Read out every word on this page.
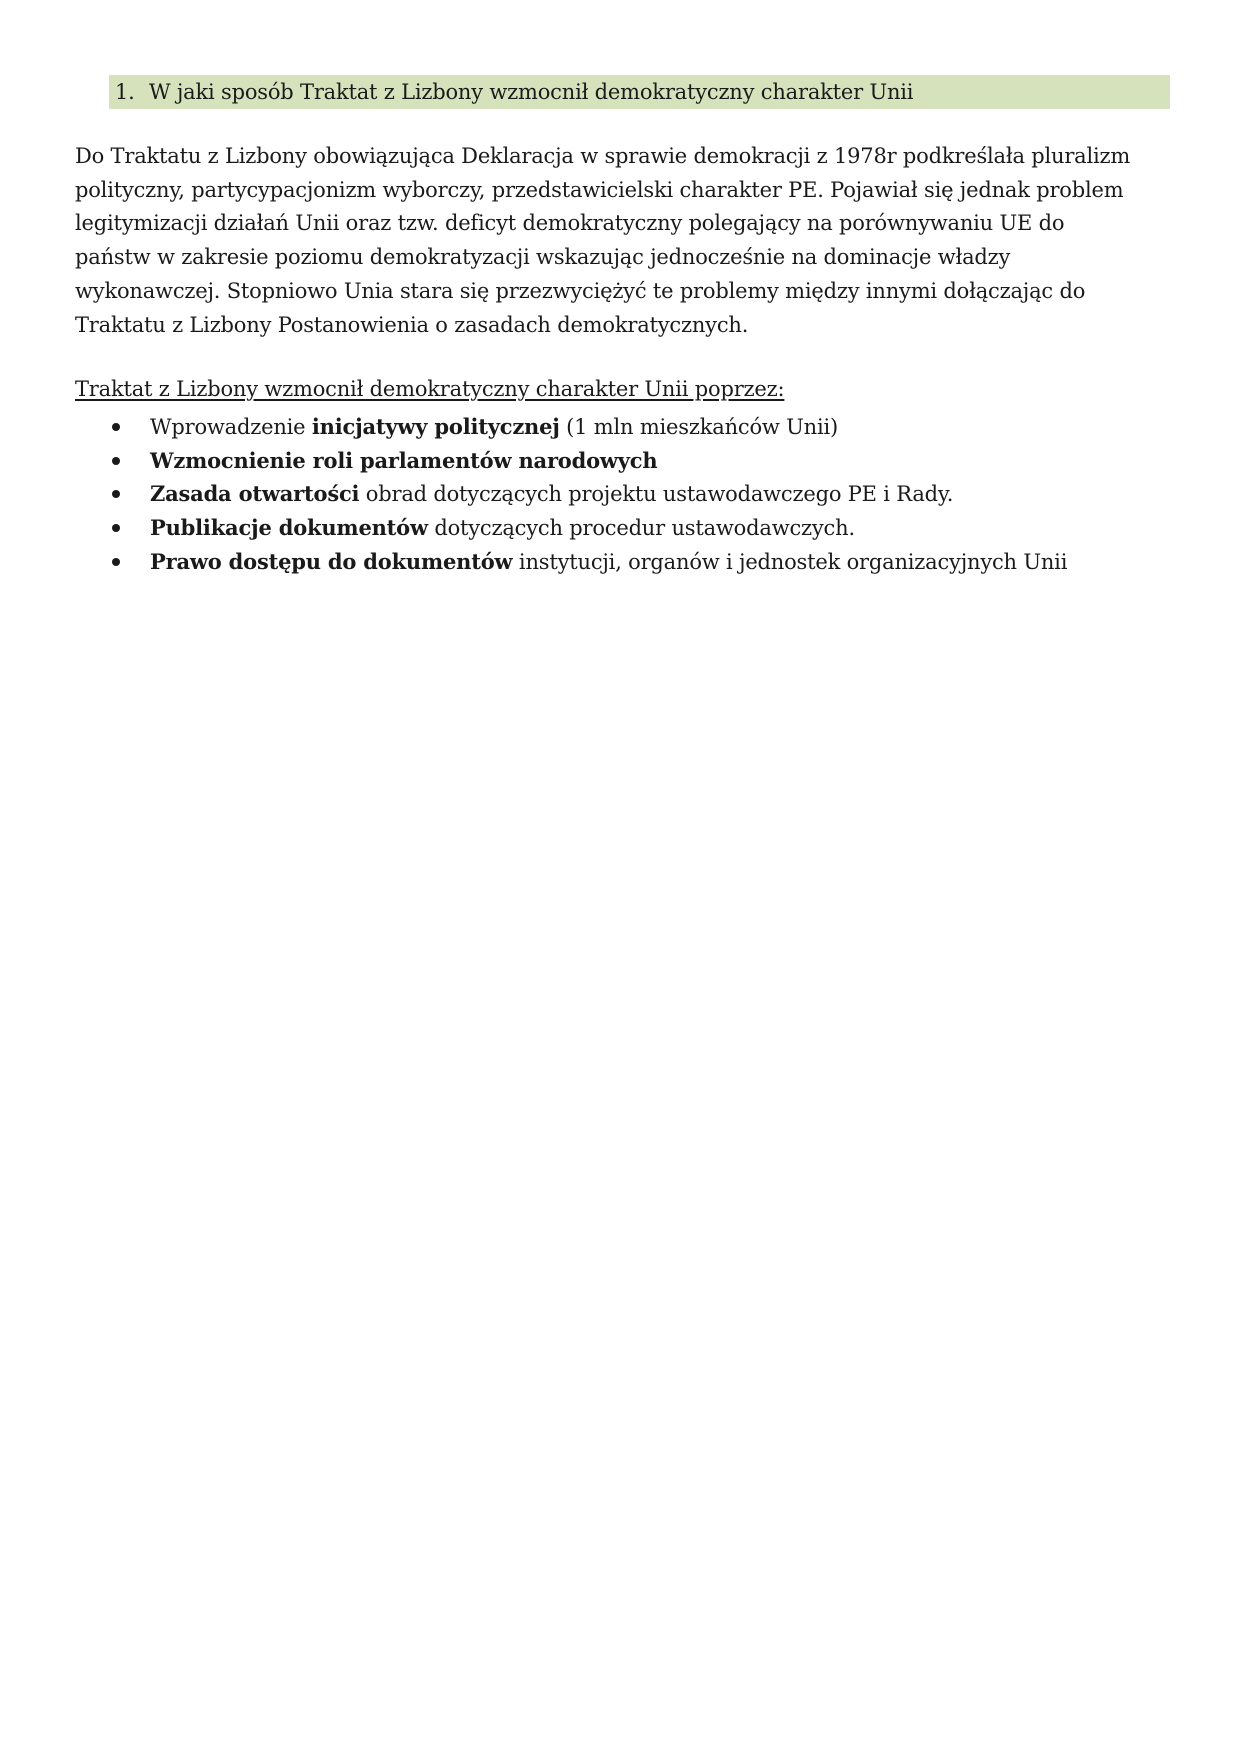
1. W jaki sposób Traktat z Lizbony wzmocnił demokratyczny charakter Unii
Do Traktatu z Lizbony obowiązująca Deklaracja w sprawie demokracji z 1978r podkreślała pluralizm
polityczny, partycypacjonizm wyborczy, przedstawicielski charakter PE. Pojawiał się jednak problem
legitymizacji działań Unii oraz tzw. deficyt demokratyczny polegający na porównywaniu UE do
państw w zakresie poziomu demokratyzacji wskazując jednocześnie na dominacje władzy
wykonawczej. Stopniowo Unia stara się przezwyciężyć te problemy między innymi dołączając do
Traktatu z Lizbony Postanowienia o zasadach demokratycznych.
Traktat z Lizbony wzmocnił demokratyczny charakter Unii poprzez:
Wprowadzenie inicjatywy politycznej (1 mln mieszkańców Unii)
Wzmocnienie roli parlamentów narodowych
Zasada otwartości obrad dotyczących projektu ustawodawczego PE i Rady.
Publikacje dokumentów dotyczących procedur ustawodawczych.
Prawo dostępu do dokumentów instytucji, organów i jednostek organizacyjnych Unii
